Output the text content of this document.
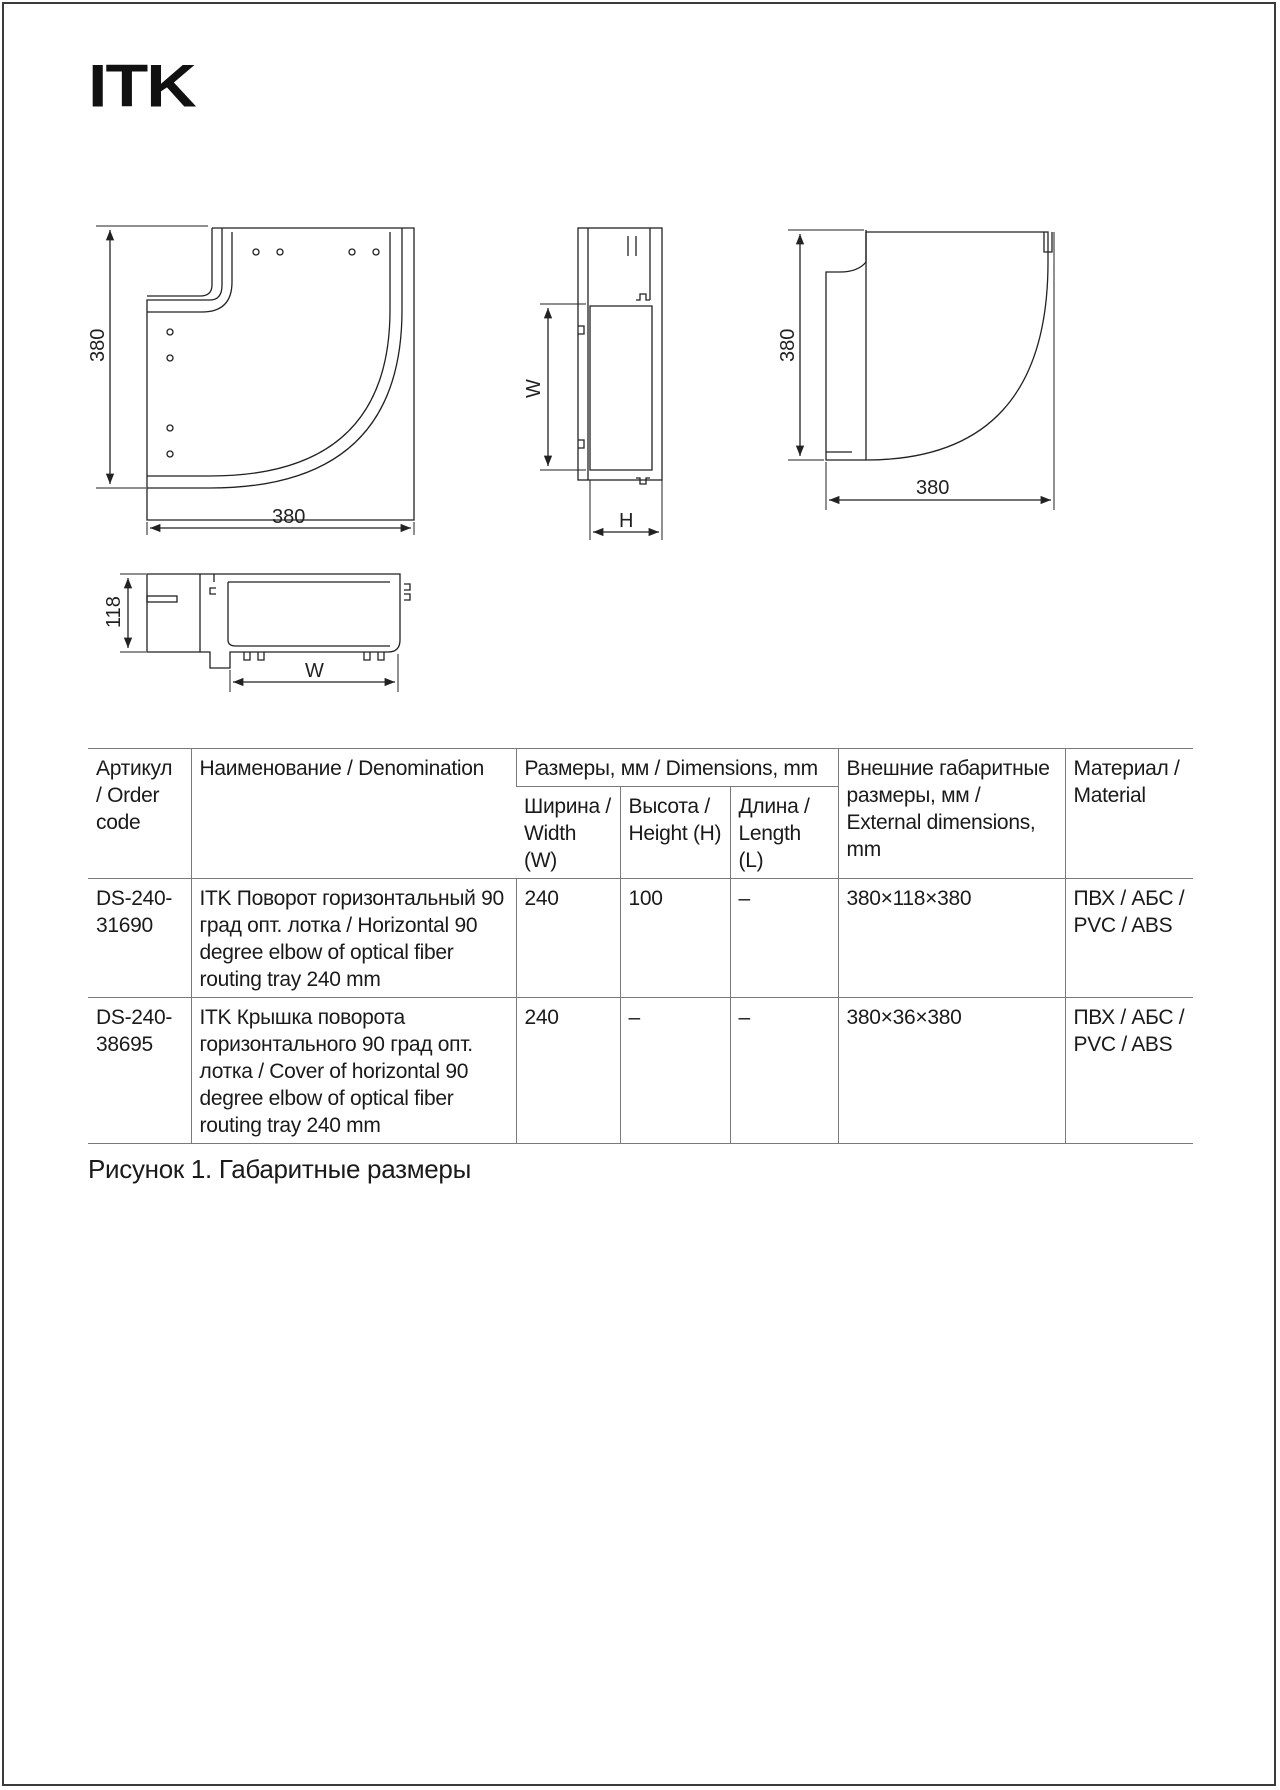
ITK
380
380
W
H
380
380
118
W
Артикул / Order code	Наименование / Denomination	Размеры, мм / Dimensions, mm			Внешние габаритные размеры, мм / External dimensions, mm	Материал / Material
		Ширина / Width (W)	Высота / Height (H)	Длина / Length (L)		
DS-240-31690	ITK Поворот горизонтальный 90 град опт. лотка / Horizontal 90 degree elbow of optical fiber routing tray 240 mm	240	100	–	380×118×380	ПВХ / АБС / PVC / ABS
DS-240-38695	ITK Крышка поворота горизонтального 90 град опт. лотка / Cover of horizontal 90 degree elbow of optical fiber routing tray 240 mm	240	–	–	380×36×380	ПВХ / АБС / PVC / ABS
Рисунок 1. Габаритные размеры
